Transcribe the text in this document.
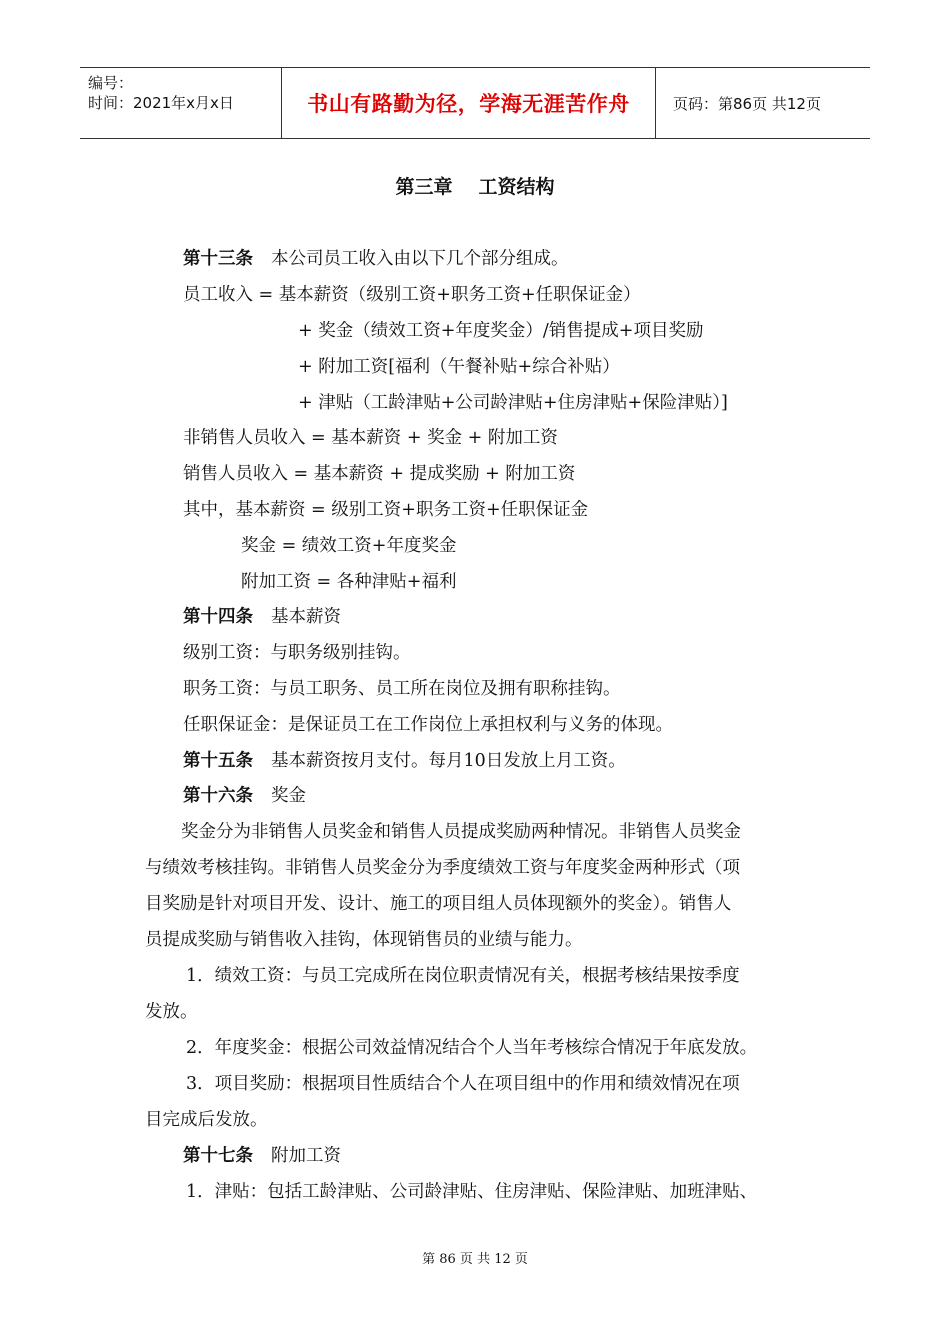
编号：
时间：2021年x月x日	书山有路勤为径，学海无涯苦作舟	页码：第86页 共12页
第三章 工资结构
第十三条 本公司员工收入由以下几个部分组成。
员工收入 = 基本薪资（级别工资+职务工资+任职保证金）
+ 奖金（绩效工资+年度奖金）/销售提成+项目奖励
+ 附加工资[福利（午餐补贴+综合补贴）
+ 津贴（工龄津贴+公司龄津贴+住房津贴+保险津贴）]
非销售人员收入 = 基本薪资 + 奖金 + 附加工资
销售人员收入 = 基本薪资 + 提成奖励 + 附加工资
其中，基本薪资 = 级别工资+职务工资+任职保证金
奖金 = 绩效工资+年度奖金
附加工资 = 各种津贴+福利
第十四条 基本薪资
级别工资：与职务级别挂钩。
职务工资：与员工职务、员工所在岗位及拥有职称挂钩。
任职保证金：是保证员工在工作岗位上承担权利与义务的体现。
第十五条 基本薪资按月支付。每月10日发放上月工资。
第十六条 奖金
奖金分为非销售人员奖金和销售人员提成奖励两种情况。非销售人员奖金
与绩效考核挂钩。非销售人员奖金分为季度绩效工资与年度奖金两种形式（项
目奖励是针对项目开发、设计、施工的项目组人员体现额外的奖金）。销售人
员提成奖励与销售收入挂钩，体现销售员的业绩与能力。
1．绩效工资：与员工完成所在岗位职责情况有关，根据考核结果按季度
发放。
2．年度奖金：根据公司效益情况结合个人当年考核综合情况于年底发放。
3．项目奖励：根据项目性质结合个人在项目组中的作用和绩效情况在项
目完成后发放。
第十七条 附加工资
1．津贴：包括工龄津贴、公司龄津贴、住房津贴、保险津贴、加班津贴、
第 86 页 共 12 页
